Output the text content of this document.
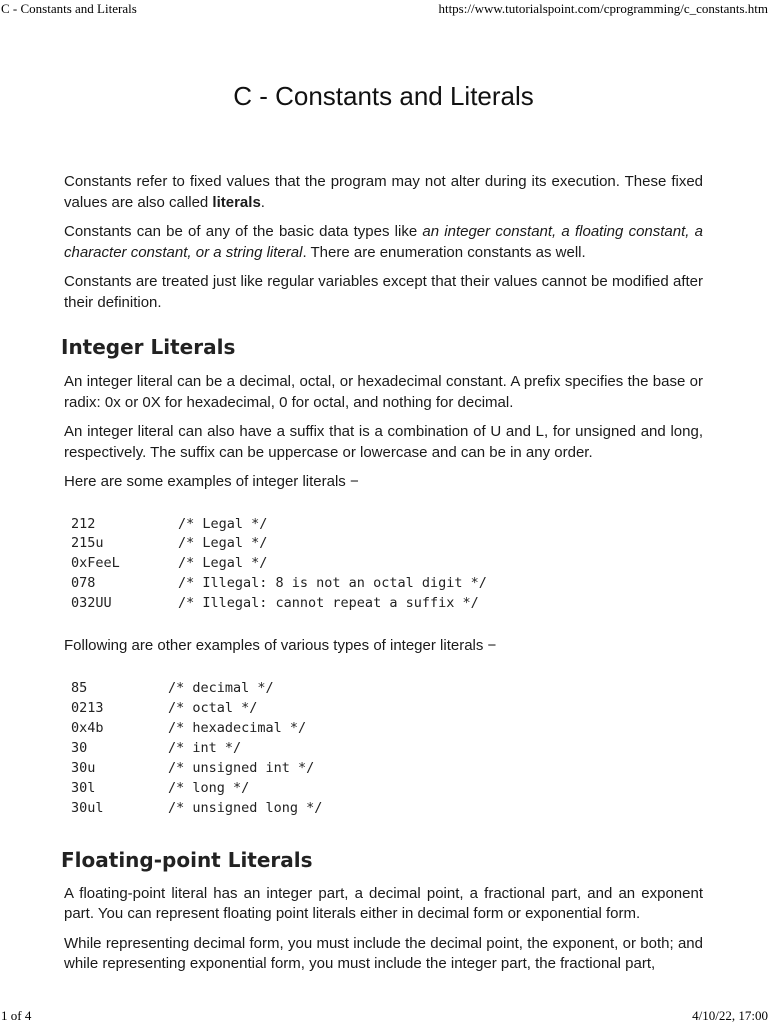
C - Constants and Literals	https://www.tutorialspoint.com/cprogramming/c_constants.htm
C - Constants and Literals

Constants refer to fixed values that the program may not alter during its execution. These fixed values are also called literals.

Constants can be of any of the basic data types like an integer constant, a floating constant, a character constant, or a string literal. There are enumeration constants as well.

Constants are treated just like regular variables except that their values cannot be modified after their definition.

Integer Literals

An integer literal can be a decimal, octal, or hexadecimal constant. A prefix specifies the base or radix: 0x or 0X for hexadecimal, 0 for octal, and nothing for decimal.

An integer literal can also have a suffix that is a combination of U and L, for unsigned and long, respectively. The suffix can be uppercase or lowercase and can be in any order.

Here are some examples of integer literals −

212	/* Legal */
215u	/* Legal */
0xFeeL	/* Legal */
078	/* Illegal: 8 is not an octal digit */
032UU	/* Illegal: cannot repeat a suffix */

Following are other examples of various types of integer literals −

85	/* decimal */
0213	/* octal */
0x4b	/* hexadecimal */
30	/* int */
30u	/* unsigned int */
30l	/* long */
30ul	/* unsigned long */
Floating-point Literals

A floating-point literal has an integer part, a decimal point, a fractional part, and an exponent part. You can represent floating point literals either in decimal form or exponential form.

While representing decimal form, you must include the decimal point, the exponent, or both; and while representing exponential form, you must include the integer part, the fractional part,

1 of 4	4/10/22, 17:00
